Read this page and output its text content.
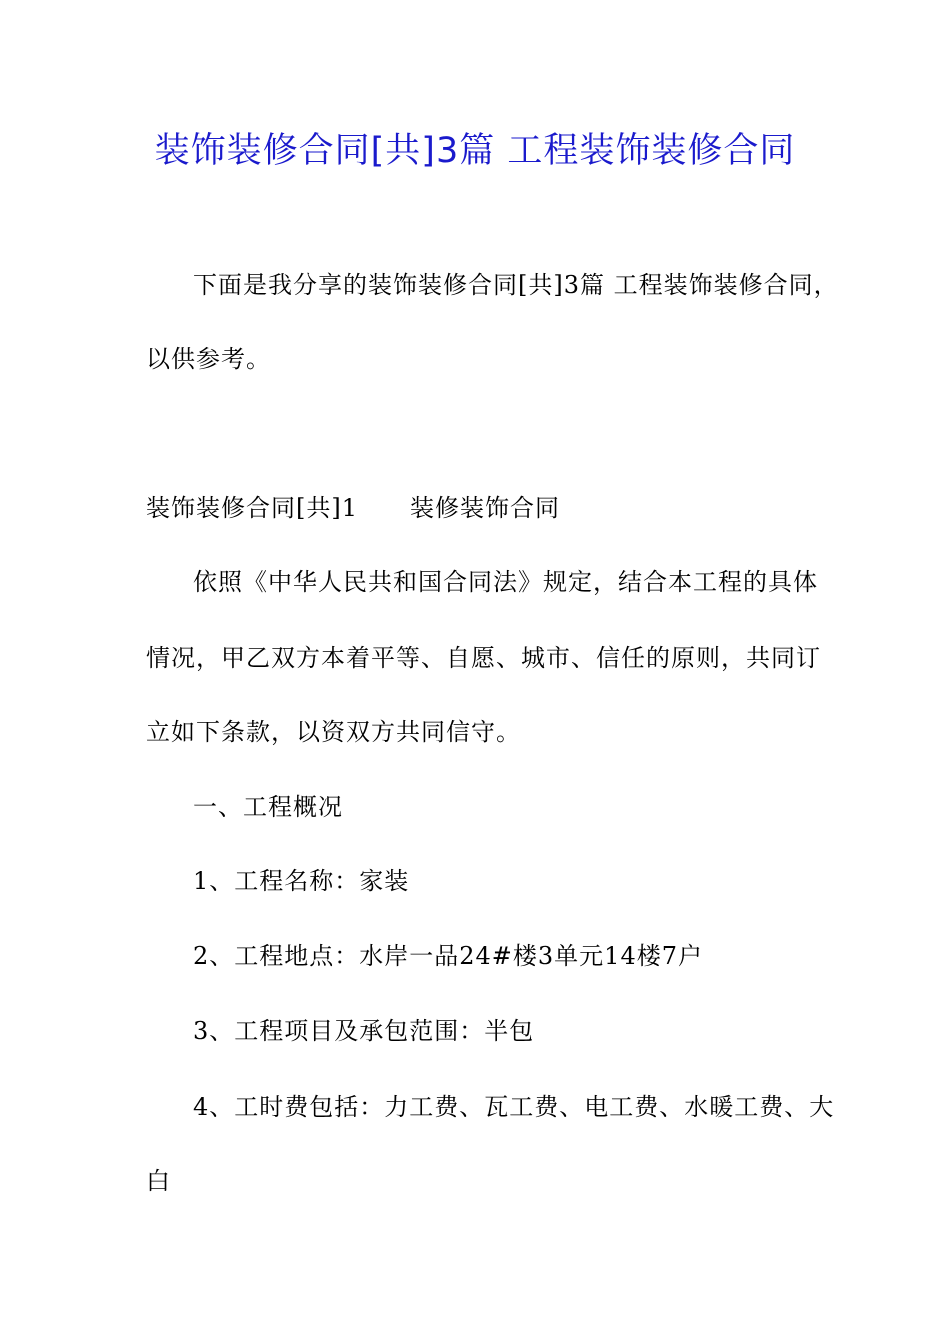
装饰装修合同[共]3篇 工程装饰装修合同
下面是我分享的装饰装修合同[共]3篇 工程装饰装修合同，
以供参考。
装饰装修合同[共]1 装修装饰合同
依照《中华人民共和国合同法》规定，结合本工程的具体
情况，甲乙双方本着平等、自愿、城市、信任的原则，共同订
立如下条款，以资双方共同信守。
一、工程概况
1、工程名称：家装
2、工程地点：水岸一品24#楼3单元14楼7户
3、工程项目及承包范围：半包
4、工时费包括：力工费、瓦工费、电工费、水暖工费、大
白
